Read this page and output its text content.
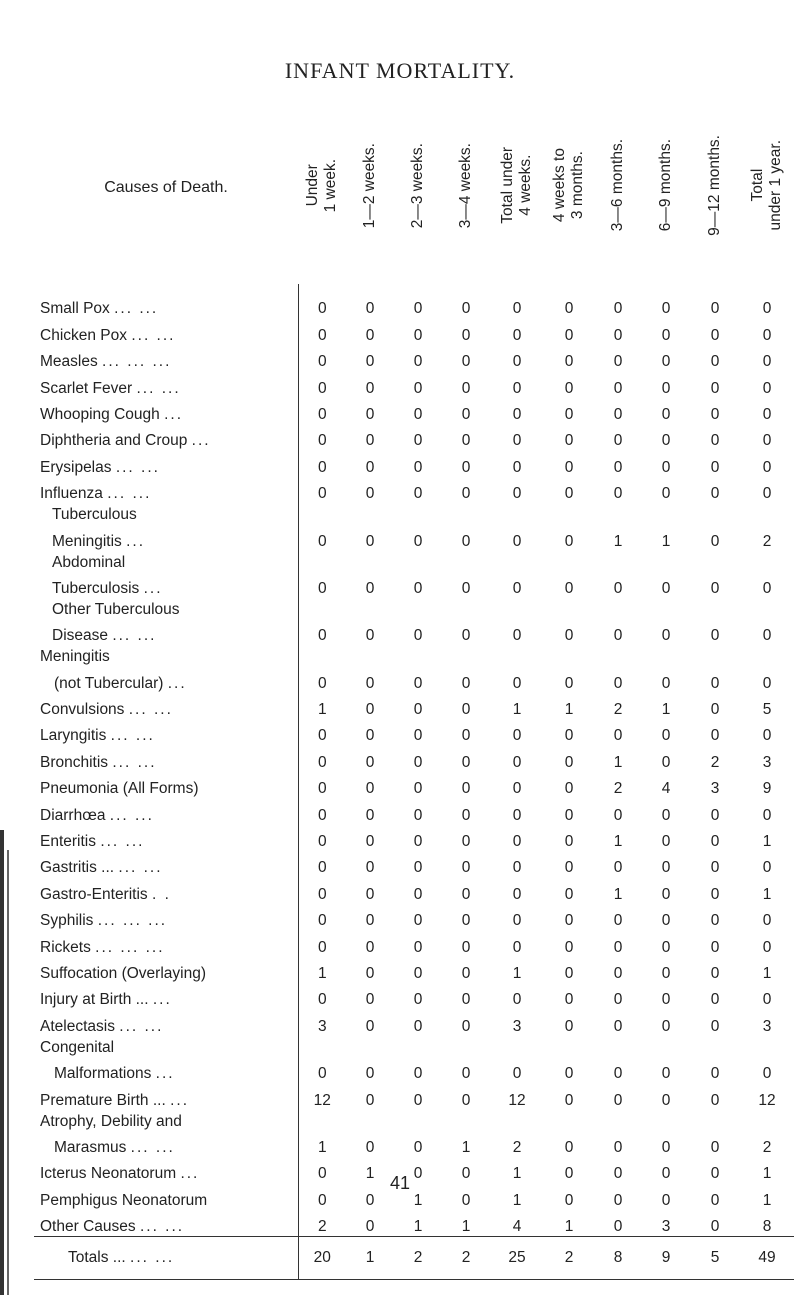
INFANT MORTALITY.
Causes of Death.	Under
1 week.	1—2 weeks.	2—3 weeks.	3—4 weeks.	Total under
4 weeks.	4 weeks to
3 months.	3—6 months.	6—9 months.	9—12 months.	Total
under 1 year.

Small Pox ... ...	0	0	0	0	0	0	0	0	0	0
Chicken Pox ... ...	0	0	0	0	0	0	0	0	0	0
Measles ... ... ...	0	0	0	0	0	0	0	0	0	0
Scarlet Fever ... ...	0	0	0	0	0	0	0	0	0	0
Whooping Cough ...	0	0	0	0	0	0	0	0	0	0
Diphtheria and Croup ...	0	0	0	0	0	0	0	0	0	0
Erysipelas ... ...	0	0	0	0	0	0	0	0	0	0
Influenza ... ...	0	0	0	0	0	0	0	0	0	0
Tuberculous										
Meningitis ...	0	0	0	0	0	0	1	1	0	2
Abdominal										
Tuberculosis ...	0	0	0	0	0	0	0	0	0	0
Other Tuberculous										
Disease ... ...	0	0	0	0	0	0	0	0	0	0
Meningitis										
(not Tubercular) ...	0	0	0	0	0	0	0	0	0	0
Convulsions ... ...	1	0	0	0	1	1	2	1	0	5
Laryngitis ... ...	0	0	0	0	0	0	0	0	0	0
Bronchitis ... ...	0	0	0	0	0	0	1	0	2	3
Pneumonia (All Forms)	0	0	0	0	0	0	2	4	3	9
Diarrhœa ... ...	0	0	0	0	0	0	0	0	0	0
Enteritis ... ...	0	0	0	0	0	0	1	0	0	1
Gastritis ... ... ...	0	0	0	0	0	0	0	0	0	0
Gastro-Enteritis . .	0	0	0	0	0	0	1	0	0	1
Syphilis ... ... ...	0	0	0	0	0	0	0	0	0	0
Rickets ... ... ...	0	0	0	0	0	0	0	0	0	0
Suffocation (Overlaying)	1	0	0	0	1	0	0	0	0	1
Injury at Birth ... ...	0	0	0	0	0	0	0	0	0	0
Atelectasis ... ...	3	0	0	0	3	0	0	0	0	3
Congenital										
Malformations ...	0	0	0	0	0	0	0	0	0	0
Premature Birth ... ...	12	0	0	0	12	0	0	0	0	12
Atrophy, Debility and										
Marasmus ... ...	1	0	0	1	2	0	0	0	0	2
Icterus Neonatorum ...	0	1	0	0	1	0	0	0	0	1
Pemphigus Neonatorum	0	0	1	0	1	0	0	0	0	1
Other Causes ... ...	2	0	1	1	4	1	0	3	0	8
Totals ... ... ...	20	1	2	2	25	2	8	9	5	49
41
